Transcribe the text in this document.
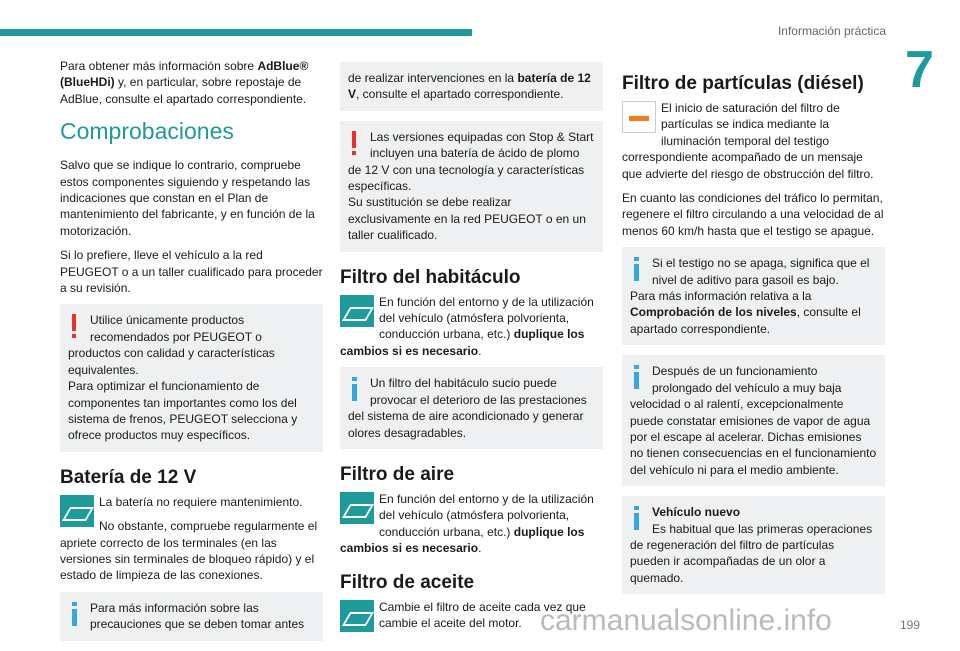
Información práctica
7
Para obtener más información sobre AdBlue® (BlueHDi) y, en particular, sobre repostaje de AdBlue, consulte el apartado correspondiente.
Comprobaciones
Salvo que se indique lo contrario, compruebe estos componentes siguiendo y respetando las indicaciones que constan en el Plan de mantenimiento del fabricante, y en función de la motorización.
Si lo prefiere, lleve el vehículo a la red PEUGEOT o a un taller cualificado para proceder a su revisión.
Utilice únicamente productos recomendados por PEUGEOT o productos con calidad y características equivalentes.
Para optimizar el funcionamiento de componentes tan importantes como los del sistema de frenos, PEUGEOT selecciona y ofrece productos muy específicos.
Batería de 12 V
La batería no requiere mantenimiento.
No obstante, compruebe regularmente el apriete correcto de los terminales (en las versiones sin terminales de bloqueo rápido) y el estado de limpieza de las conexiones.
Para más información sobre las precauciones que se deben tomar antes
de realizar intervenciones en la batería de 12 V, consulte el apartado correspondiente.
Las versiones equipadas con Stop & Start incluyen una batería de ácido de plomo de 12 V con una tecnología y características específicas.
Su sustitución se debe realizar exclusivamente en la red PEUGEOT o en un taller cualificado.
Filtro del habitáculo
En función del entorno y de la utilización del vehículo (atmósfera polvorienta, conducción urbana, etc.) duplique los cambios si es necesario.
Un filtro del habitáculo sucio puede provocar el deterioro de las prestaciones del sistema de aire acondicionado y generar olores desagradables.
Filtro de aire
En función del entorno y de la utilización del vehículo (atmósfera polvorienta, conducción urbana, etc.) duplique los cambios si es necesario.
Filtro de aceite
Cambie el filtro de aceite cada vez que cambie el aceite del motor.
Filtro de partículas (diésel)
El inicio de saturación del filtro de partículas se indica mediante la iluminación temporal del testigo correspondiente acompañado de un mensaje que advierte del riesgo de obstrucción del filtro.
En cuanto las condiciones del tráfico lo permitan, regenere el filtro circulando a una velocidad de al menos 60 km/h hasta que el testigo se apague.
Si el testigo no se apaga, significa que el nivel de aditivo para gasoil es bajo.
Para más información relativa a la Comprobación de los niveles, consulte el apartado correspondiente.
Después de un funcionamiento prolongado del vehículo a muy baja velocidad o al ralentí, excepcionalmente puede constatar emisiones de vapor de agua por el escape al acelerar. Dichas emisiones no tienen consecuencias en el funcionamiento del vehículo ni para el medio ambiente.
Vehículo nuevo
Es habitual que las primeras operaciones de regeneración del filtro de partículas pueden ir acompañadas de un olor a quemado.
carmanualsonline.info	199
